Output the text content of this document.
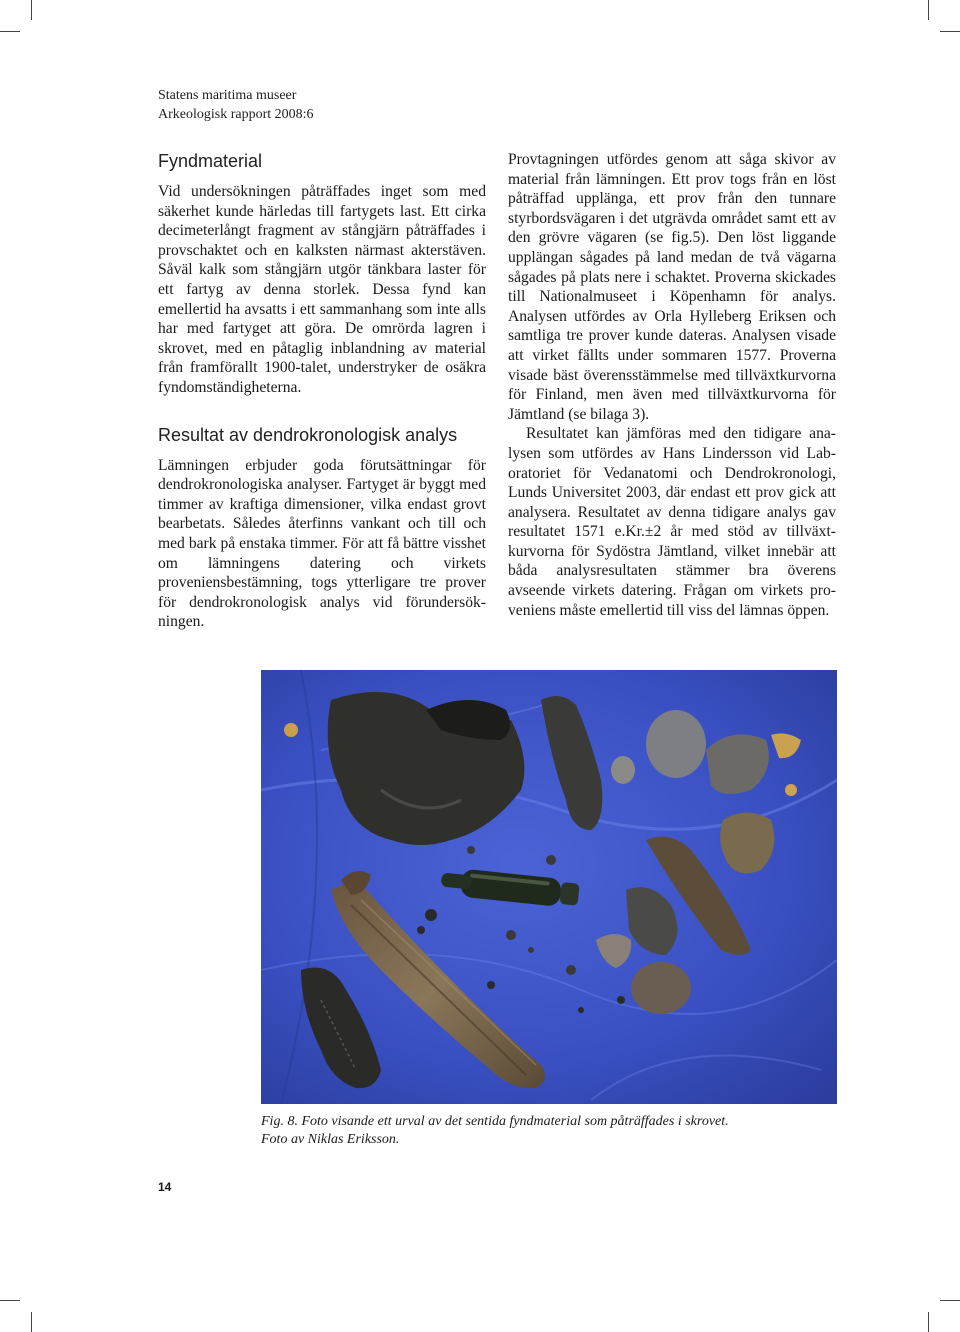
Statens maritima museer
Arkeologisk rapport 2008:6
Fyndmaterial

Vid undersökningen påträffades inget som med säkerhet kunde härledas till fartygets last. Ett cirka decimeterlångt fragment av stångjärn påträffades i provschaktet och en kalksten närmast akterstäven. Såväl kalk som stångjärn utgör tänkbara laster för ett fartyg av denna storlek. Dessa fynd kan emellertid ha avsatts i ett sammanhang som inte alls har med fartyget att göra. De omrörda lagren i skrovet, med en påtaglig inblandning av material från framförallt 1900-talet, understryker de osäkra fyndomständigheterna.

Resultat av dendrokronologisk analys

Lämningen erbjuder goda förutsättningar för dendrokronologiska analyser. Fartyget är byggt med timmer av kraftiga dimensioner, vilka endast grovt bearbetats. Således återfinns vankant och till och med bark på enstaka timmer. För att få bättre visshet om lämningens datering och virkets proveniensbestämning, togs ytterligare tre prover för dendrokronologisk analys vid förundersökningen.

Provtagningen utfördes genom att såga skivor av material från lämningen. Ett prov togs från en löst påträffad upplänga, ett prov från den tunnare styrbordsvägaren i det utgrävda området samt ett av den grövre vägaren (se fig.5). Den löst liggande upplängan sågades på land medan de två vägarna sågades på plats nere i schaktet. Proverna skickades till Nationalmuseet i Köpenhamn för analys. Analysen utfördes av Orla Hylleberg Eriksen och samtliga tre prover kunde dateras. Analysen visade att virket fällts under sommaren 1577. Proverna visade bäst överensstämmelse med tillväxtkurvorna för Finland, men även med tillväxtkurvorna för Jämtland (se bilaga 3).

Resultatet kan jämföras med den tidigare analysen som utfördes av Hans Lindersson vid Laboratoriet för Vedanatomi och Dendrokronologi, Lunds Universitet 2003, där endast ett prov gick att analysera. Resultatet av denna tidigare analys gav resultatet 1571 e.Kr.±2 år med stöd av tillväxtkurvorna för Sydöstra Jämtland, vilket innebär att båda analysresultaten stämmer bra överens avseende virkets datering. Frågan om virkets proveniens måste emellertid till viss del lämnas öppen.

Fig. 8. Foto visande ett urval av det sentida fyndmaterial som påträffades i skrovet.
Foto av Niklas Eriksson.
14
